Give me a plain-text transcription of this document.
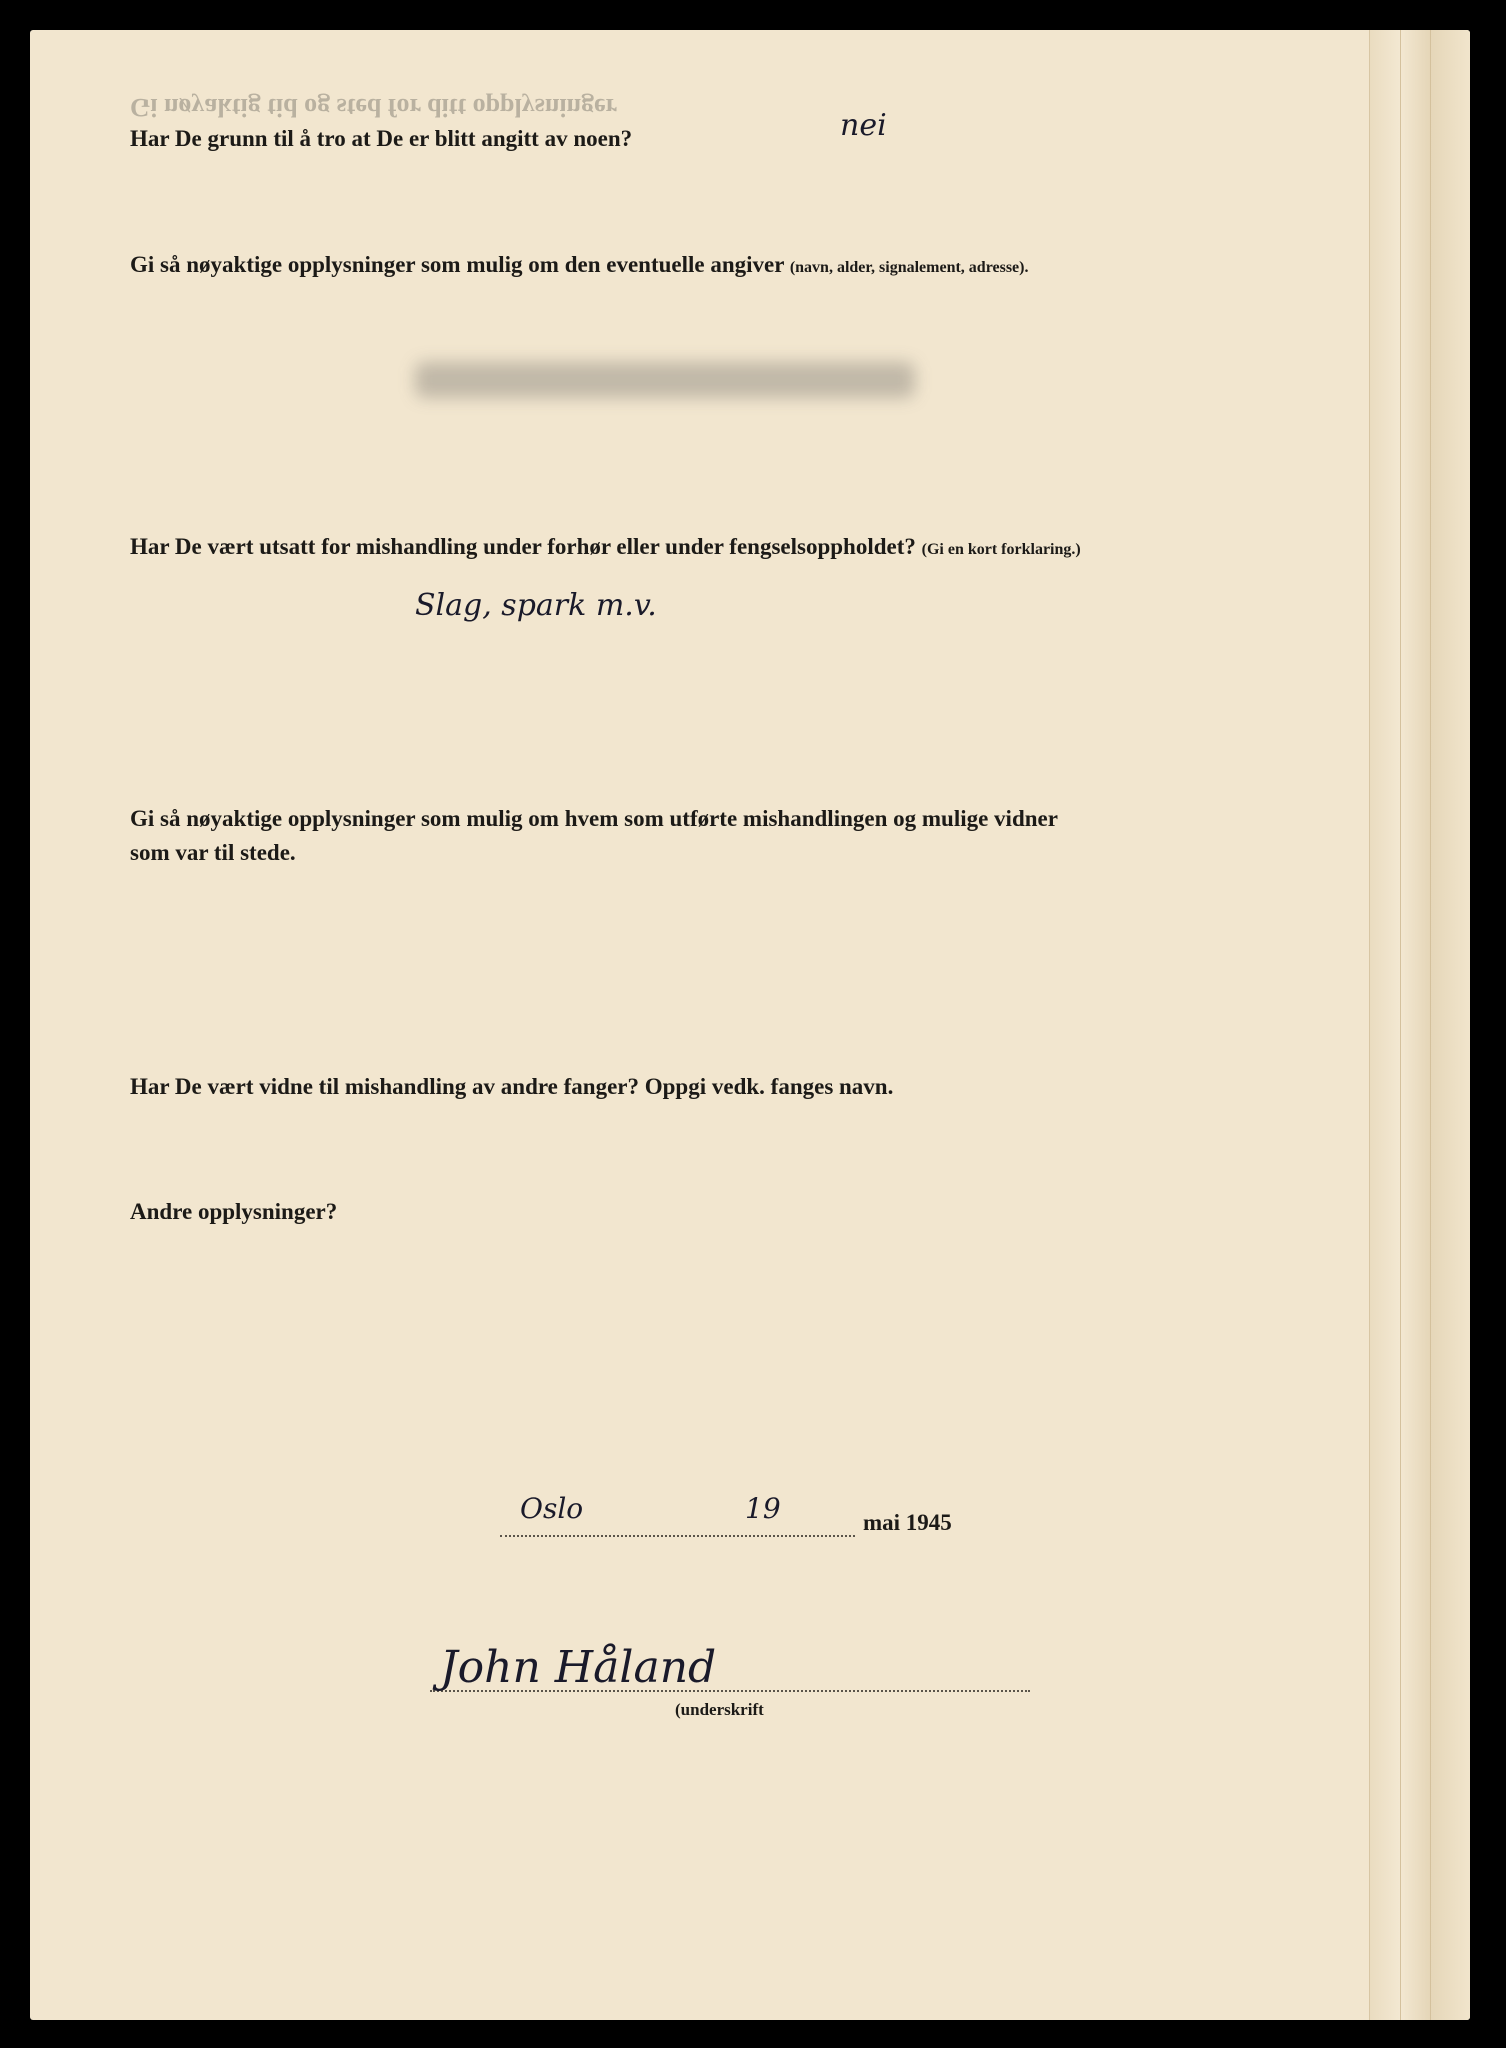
Gi nøyaktig tid og sted for ditt opplysninger
Har De grunn til å tro at De er blitt angitt av noen?	nei
Gi så nøyaktige opplysninger som mulig om den eventuelle angiver (navn, alder, signalement, adresse).
Har De vært utsatt for mishandling under forhør eller under fengselsoppholdet? (Gi en kort forklaring.)
Slag, spark m.v.
Gi så nøyaktige opplysninger som mulig om hvem som utførte mishandlingen og mulige vidner
som var til stede.
Har De vært vidne til mishandling av andre fanger? Oppgi vedk. fanges navn.
Andre opplysninger?
Oslo	19	mai 1945
John Håland
(underskrift
